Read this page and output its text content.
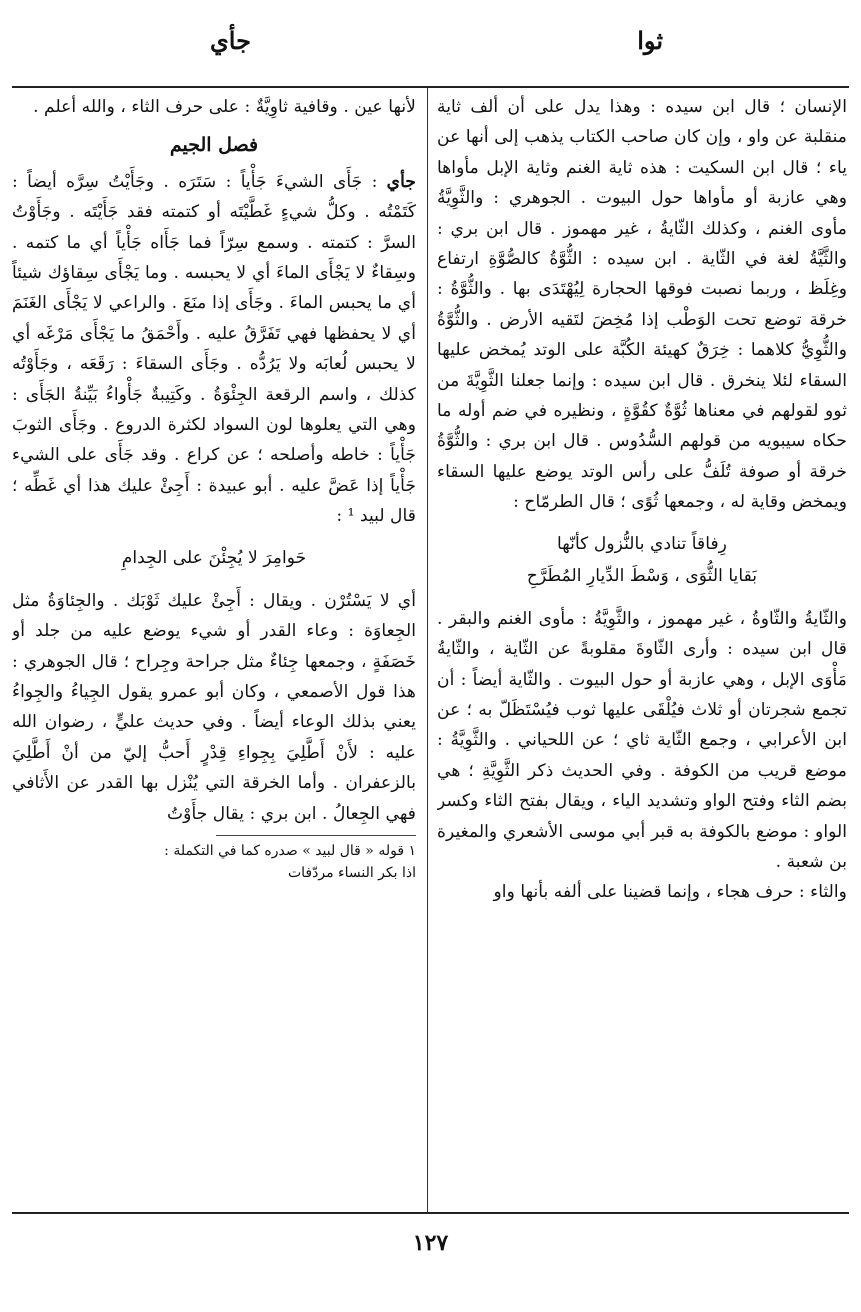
ثوا
جأي

الإنسان ؛ قال ابن سيده : وهذا يدل على أن ألف ثاية منقلبة عن واو ، وإن كان صاحب الكتاب يذهب إلى أنها عن ياء ؛ قال ابن السكيت : هذه ثاية الغنم وثاية الإبل مأواها وهي عازبة أو مأواها حول البيوت . الجوهري : والثَّوِيَّةُ مأوى الغنم ، وكذلك الثّايةُ ، غير مهموز . قال ابن بري : والثَّيَّةُ لغة في الثّاية . ابن سيده : الثُّوَّةُ كالصُّوَّةِ ارتفاع وغِلَظ ، وربما نصبت فوقها الحجارة لِيُهْتَدَى بها . والثُّوَّةُ : خرقة توضع تحت الوَطْب إذا مُخِضَ لتَقيه الأرض . والثُّوَّةُ والثُّوِيُّ كلاهما : خِرَقٌ كهيئة الكُبَّة على الوتد يُمخض عليها السقاء لئلا ينخرق . قال ابن سيده : وإنما جعلنا الثَّوِيَّةَ من ثوو لقولهم في معناها ثُوَّةٌ كقُوَّةٍ ، ونظيره في ضم أوله ما حكاه سيبويه من قولهم السُّدُوس . قال ابن بري : والثُّوَّةُ خرقة أو صوفة تُلَفُّ على رأس الوتد يوضع عليها السقاء ويمخض وقاية له ، وجمعها ثُوًى ؛ قال الطرمّاح :

رِفاقاً تنادي بالنُّزول كأنّها
بَقايا الثُّوَى ، وَسْطَ الدِّيارِ المُطَرَّحِ

والثّايةُ والثّاوةُ ، غير مهموز ، والثَّوِيَّةُ : مأوى الغنم والبقر . قال ابن سيده : وأرى الثّاوةَ مقلوبةً عن الثّاية ، والثّايةُ مَأْوَى الإبل ، وهي عازبة أو حول البيوت . والثّاية أيضاً : أن تجمع شجرتان أو ثلاث فيُلْقَى عليها ثوب فيُسْتَظَلّ به ؛ عن ابن الأعرابي ، وجمع الثّاية ثاي ؛ عن اللحياني . والثَّوِيَّةُ : موضع قريب من الكوفة . وفي الحديث ذكر الثَّوِيَّةِ ؛ هي بضم الثاء وفتح الواو وتشديد الياء ، ويقال بفتح الثاء وكسر الواو : موضع بالكوفة به قبر أبي موسى الأشعري والمغيرة بن شعبة .

والثاء : حرف هجاء ، وإنما قضينا على ألفه بأنها واو

لأنها عين . وقافية ثاوِيَّةٌ : على حرف الثاء ، والله أعلم .

فصل الجيم

جأي : جَأَى الشيءَ جَأْياً : سَتَرَه . وجَأَيْتُ سِرَّه أيضاً : كَتَمْتُه . وكلُّ شيءٍ غَطَّيْتَه أو كتمته فقد جَأَيْتَه . وجَأَوْتُ السرَّ : كتمته . وسمع سِرّاً فما جَأَاه جَأْياً أي ما كتمه . وسِقاءٌ لا يَجْأَى الماءَ أي لا يحبسه . وما يَجْأَى سِقاؤك شيئاً أي ما يحبس الماءَ . وجَأَى إذا منَعَ . والراعي لا يَجْأَى الغَنَمَ أي لا يحفظها فهي تَفَرَّقُ عليه . وأَحْمَقُ ما يَجْأَى مَرْغَه أي لا يحبس لُعابَه ولا يَرُدُّه . وجَأَى السقاءَ : رَقَعَه ، وجَأَوْتُه كذلك ، واسم الرقعة الجِئْوَةُ . وكَتِيبةٌ جَأْواءُ بَيِّنةُ الجَأَى : وهي التي يعلوها لون السواد لكثرة الدروع . وجَأَى الثوبَ جَأْياً : خاطه وأصلحه ؛ عن كراع . وقد جَأَى على الشيء جَأْياً إذا عَضَّ عليه . أبو عبيدة : أَجِئْ عليك هذا أي غَطِّه ؛ قال لبيد ¹ :

حَوامِرَ لا يُجِئْنَ على الجِدامِ

أي لا يَسْتُرْن . ويقال : أَجِئْ عليك ثَوْبَك . والجِئاوَةُ مثل الجِعاوَة : وعاء القدر أو شيء يوضع عليه من جلد أو خَصَفَةٍ ، وجمعها جِئاءٌ مثل جراحة وجِراح ؛ قال الجوهري : هذا قول الأصمعي ، وكان أبو عمرو يقول الجِياءُ والجِواءُ يعني بذلك الوعاء أيضاً . وفي حديث عليٍّ ، رضوان الله عليه : لأَنْ أَطَّلِيَ بِجِواءِ قِدْرٍ أَحبُّ إليّ من أنْ أَطَّلِيَ بالزعفران . وأما الخرقة التي يُنْزل بها القدر عن الأَثافي فهي الجِعالُ . ابن بري : يقال جأَوْتُ

١ قوله « قال لبيد » صدره كما في التكملة :
اذا بكر النساء مردّفات
١٢٧
